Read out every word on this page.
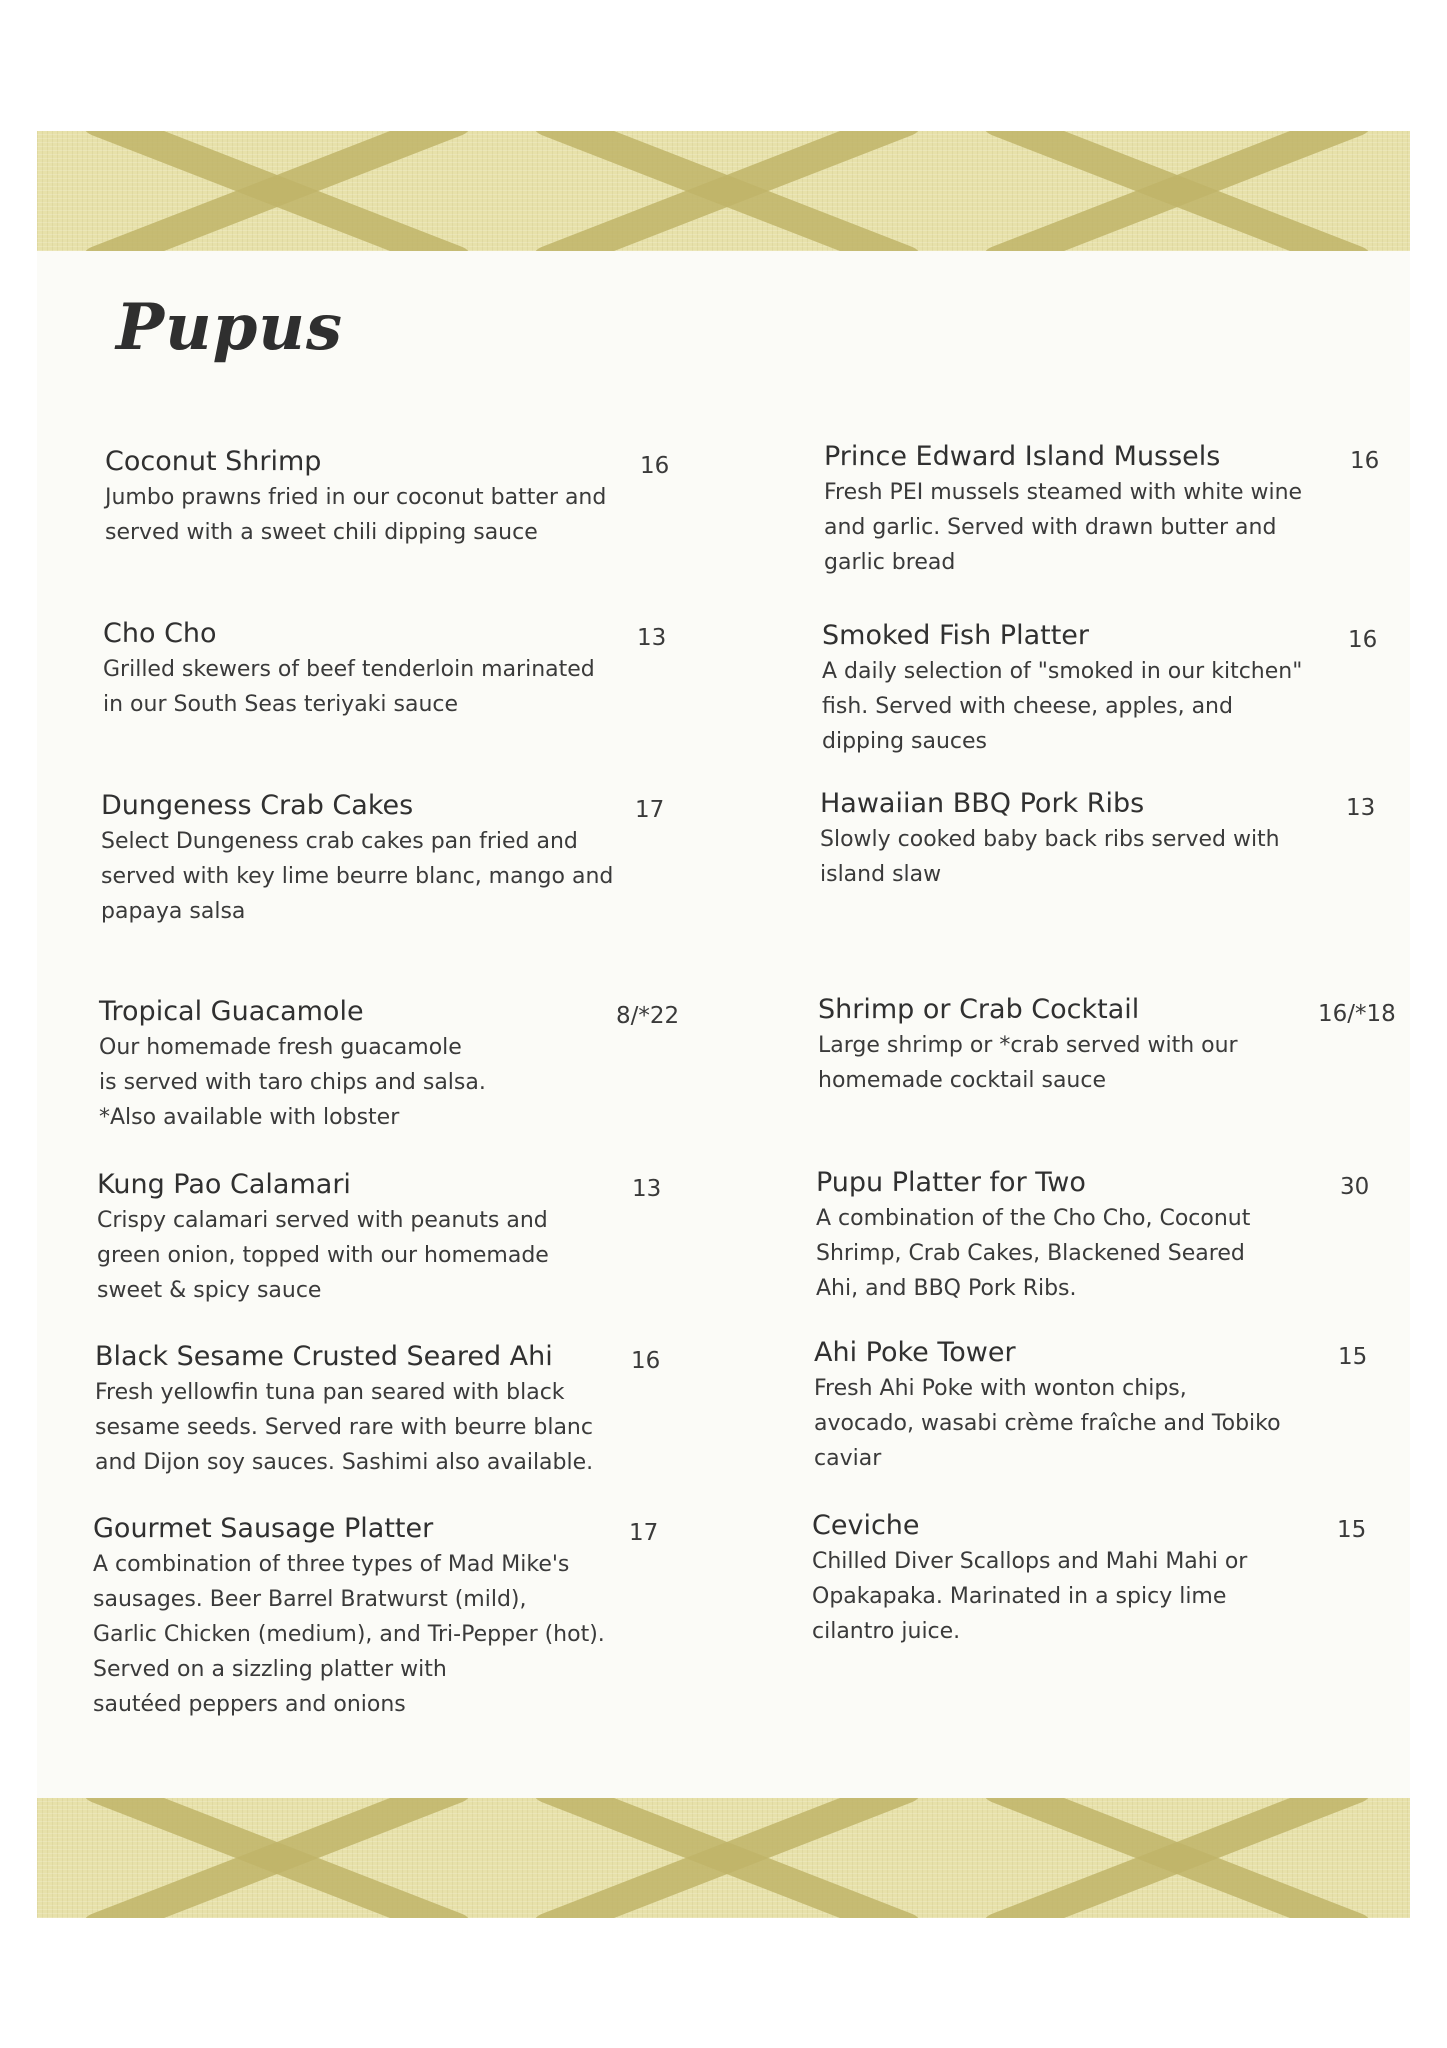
Pupus
Coconut Shrimp
Jumbo prawns fried in our coconut batter and
served with a sweet chili dipping sauce
16
Cho Cho
Grilled skewers of beef tenderloin marinated
in our South Seas teriyaki sauce
13
Dungeness Crab Cakes
Select Dungeness crab cakes pan fried and
served with key lime beurre blanc, mango and
papaya salsa
17
Tropical Guacamole
Our homemade fresh guacamole
is served with taro chips and salsa.
*Also available with lobster
8/*22
Kung Pao Calamari
Crispy calamari served with peanuts and
green onion, topped with our homemade
sweet & spicy sauce
13
Black Sesame Crusted Seared Ahi
Fresh yellowfin tuna pan seared with black
sesame seeds. Served rare with beurre blanc
and Dijon soy sauces. Sashimi also available.
16
Gourmet Sausage Platter
A combination of three types of Mad Mike's
sausages. Beer Barrel Bratwurst (mild),
Garlic Chicken (medium), and Tri-Pepper (hot).
Served on a sizzling platter with
sautéed peppers and onions
17
Prince Edward Island Mussels
Fresh PEI mussels steamed with white wine
and garlic. Served with drawn butter and
garlic bread
16
Smoked Fish Platter
A daily selection of "smoked in our kitchen"
fish. Served with cheese, apples, and
dipping sauces
16
Hawaiian BBQ Pork Ribs
Slowly cooked baby back ribs served with
island slaw
13
Shrimp or Crab Cocktail
Large shrimp or *crab served with our
homemade cocktail sauce
16/*18
Pupu Platter for Two
A combination of the Cho Cho, Coconut
Shrimp, Crab Cakes, Blackened Seared
Ahi, and BBQ Pork Ribs.
30
Ahi Poke Tower
Fresh Ahi Poke with wonton chips,
avocado, wasabi crème fraîche and Tobiko
caviar
15
Ceviche
Chilled Diver Scallops and Mahi Mahi or
Opakapaka. Marinated in a spicy lime
cilantro juice.
15
